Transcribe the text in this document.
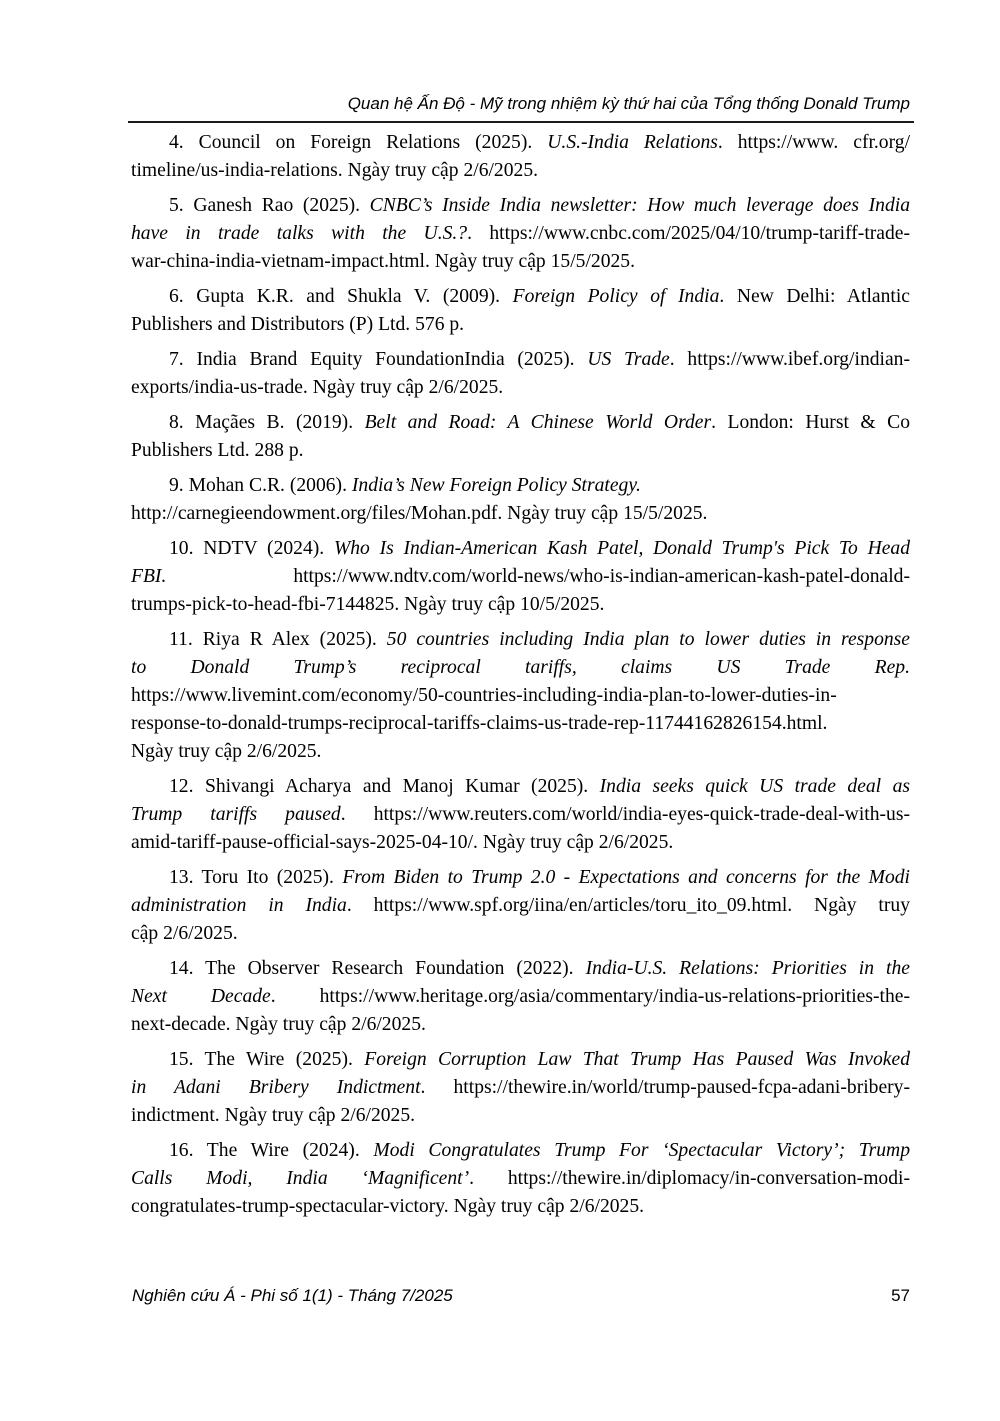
Quan hệ Ấn Độ - Mỹ trong nhiệm kỳ thứ hai của Tổng thống Donald Trump
4. Council on Foreign Relations (2025). U.S.-India Relations. https://www. cfr.org/
timeline/us-india-relations. Ngày truy cập 2/6/2025.
5. Ganesh Rao (2025). CNBC’s Inside India newsletter: How much leverage does India
have in trade talks with the U.S.?. https://www.cnbc.com/2025/04/10/trump-tariff-trade-
war-china-india-vietnam-impact.html. Ngày truy cập 15/5/2025.
6. Gupta K.R. and Shukla V. (2009). Foreign Policy of India. New Delhi: Atlantic
Publishers and Distributors (P) Ltd. 576 p.
7. India Brand Equity FoundationIndia (2025). US Trade. https://www.ibef.org/indian-
exports/india-us-trade. Ngày truy cập 2/6/2025.
8. Maçães B. (2019). Belt and Road: A Chinese World Order. London: Hurst & Co
Publishers Ltd. 288 p.
9. Mohan C.R. (2006). India’s New Foreign Policy Strategy.
http://carnegieendowment.org/files/Mohan.pdf. Ngày truy cập 15/5/2025.
10. NDTV (2024). Who Is Indian-American Kash Patel, Donald Trump's Pick To Head
FBI. https://www.ndtv.com/world-news/who-is-indian-american-kash-patel-donald-
trumps-pick-to-head-fbi-7144825. Ngày truy cập 10/5/2025.
11. Riya R Alex (2025). 50 countries including India plan to lower duties in response
to Donald Trump’s reciprocal tariffs, claims US Trade Rep.
https://www.livemint.com/economy/50-countries-including-india-plan-to-lower-duties-in-
response-to-donald-trumps-reciprocal-tariffs-claims-us-trade-rep-11744162826154.html.
Ngày truy cập 2/6/2025.
12. Shivangi Acharya and Manoj Kumar (2025). India seeks quick US trade deal as
Trump tariffs paused. https://www.reuters.com/world/india-eyes-quick-trade-deal-with-us-
amid-tariff-pause-official-says-2025-04-10/. Ngày truy cập 2/6/2025.
13. Toru Ito (2025). From Biden to Trump 2.0 - Expectations and concerns for the Modi
administration in India. https://www.spf.org/iina/en/articles/toru_ito_09.html. Ngày truy
cập 2/6/2025.
14. The Observer Research Foundation (2022). India-U.S. Relations: Priorities in the
Next Decade. https://www.heritage.org/asia/commentary/india-us-relations-priorities-the-
next-decade. Ngày truy cập 2/6/2025.
15. The Wire (2025). Foreign Corruption Law That Trump Has Paused Was Invoked
in Adani Bribery Indictment. https://thewire.in/world/trump-paused-fcpa-adani-bribery-
indictment. Ngày truy cập 2/6/2025.
16. The Wire (2024). Modi Congratulates Trump For ‘Spectacular Victory’; Trump
Calls Modi, India ‘Magnificent’. https://thewire.in/diplomacy/in-conversation-modi-
congratulates-trump-spectacular-victory. Ngày truy cập 2/6/2025.
Nghiên cứu Á - Phi số 1(1) - Tháng 7/2025	57
